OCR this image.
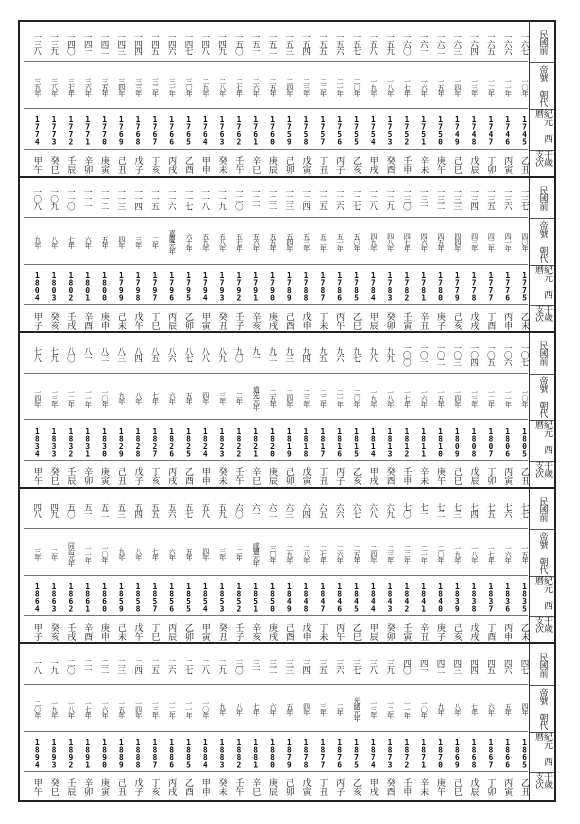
民國前
帝號 朝代
紀元 西曆
干歲 支次
一三八 一三九 一四〇 一四一 一四二 一四三 一四四 一四五 一四六 一四七 一四八 一四九 一五〇 一五一 一五二 一五三 一五四 一五五 一五六 一五七 一五八 一五九 一六〇 一六一 一六二 一六三 一六四 一六五 一六六 一六七
三九年	三八年	三七年	三六年	三五年	三四年	三三年	三二年	三一年	三〇年	二九年	二八年	二七年	二六年	二五年	二四年	二三年	二二年	二一年	二〇年	一九年	一八年	一七年	一六年	一五年	一四年	一三年	一二年	一一年	一〇年
1774 1773 1772 1771 1770 1769 1768 1767 1766 1765 1764 1763 1762 1761 1760 1759 1758 1757 1756 1755 1754 1753 1752 1751 1750 1749 1748 1747 1746 1745
甲午 癸巳 壬辰 辛卯 庚寅 己丑 戊子 丁亥 丙戌 乙酉 甲申 癸未 壬午 辛巳 庚辰 己卯 戊寅 丁丑 丙子 乙亥 甲戌 癸酉 壬申 辛未 庚午 己巳 戊辰 丁卯 丙寅 乙丑
民國前
帝號 朝代
紀元 西曆
干歲 支次
一〇八 一〇九 一一〇 一一一 一一二 一一三 一一四 一一五 一一六 一一七 一一八 一一九 一二〇 一二一 一二二 一二三 一二四 一二五 一二六 一二七 一二八 一二九 一三〇 一三一 一三二 一三三 一三四 一三五 一三六 一三七
九年	八年	七年	六年	五年	四年	三年	二年	嘉慶元年	六十年	五九年	五八年	五七年	五六年	五五年	五四年	五三年	五二年	五一年	五〇年	四九年	四八年	四七年	四六年	四五年	四四年	四三年	四二年	四一年	四〇年
1804 1803 1802 1801 1800 1799 1798 1797 1796 1795 1794 1793 1792 1791 1790 1789 1788 1787 1786 1785 1784 1783 1782 1781 1780 1779 1778 1777 1776 1775
甲子 癸亥 壬戌 辛酉 庚申 己未 戊午 丁巳 丙辰 乙卯 甲寅 癸丑 壬子 辛亥 庚戌 己酉 戊申 丁未 丙午 乙巳 甲辰 癸卯 壬寅 辛丑 庚子 己亥 戊戌 丁酉 丙申 乙未
民國前
帝號 朝代
紀元 西曆
干歲 支次
七八 七九 八〇 八一 八二 八三 八四 八五 八六 八七 八八 八九 九〇 九一 九二 九三 九四 九五 九六 九七 九八 九九 一〇〇 一〇一 一〇二 一〇三 一〇四 一〇五 一〇六 一〇七
一四年	一三年	一二年	一一年	一〇年	九年	八年	七年	六年	五年	四年	三年	二年	道光元年	二五年	二四年	二三年	二二年	二一年	二〇年	一九年	一八年	一七年	一六年	一五年	一四年	一三年	一二年	一一年	一〇年
1834 1833 1832 1831 1830 1829 1828 1827 1826 1825 1824 1823 1822 1821 1820 1819 1818 1817 1816 1815 1814 1813 1812 1811 1810 1809 1808 1807 1806 1805
甲午 癸巳 壬辰 辛卯 庚寅 己丑 戊子 丁亥 丙戌 乙酉 甲申 癸未 壬午 辛巳 庚辰 己卯 戊寅 丁丑 丙子 乙亥 甲戌 癸酉 壬申 辛未 庚午 己巳 戊辰 丁卯 丙寅 乙丑
民國前
帝號 朝代
紀元 西曆
干歲 支次
四八 四九 五〇 五一 五二 五三 五四 五五 五六 五七 五八 五九 六〇 六一 六二 六三 六四 六五 六六 六七 六八 六九 七〇 七一 七二 七三 七四 七五 七六 七七
三年	二年	同治元年	一一年	一〇年	九年	八年	七年	六年	五年	四年	三年	二年	咸豐元年	三〇年	二九年	二八年	二七年	二六年	二五年	二四年	二三年	二二年	二一年	二〇年	一九年	一八年	一七年	一六年	一五年
1864 1863 1862 1861 1860 1859 1858 1857 1856 1855 1854 1853 1852 1851 1850 1849 1848 1847 1846 1845 1844 1843 1842 1841 1840 1839 1838 1837 1836 1835
甲子 癸亥 壬戌 辛酉 庚申 己未 戊午 丁巳 丙辰 乙卯 甲寅 癸丑 壬子 辛亥 庚戌 己酉 戊申 丁未 丙午 乙巳 甲辰 癸卯 壬寅 辛丑 庚子 己亥 戊戌 丁酉 丙申 乙未
民國前
帝號 朝代
紀元 西曆
干歲 支次
一八 一九 二〇 二一 二二 二三 二四 二五 二六 二七 二八 二九 三〇 三一 三二 三三 三四 三五 三六 三七 三八 三九 四〇 四一 四二 四三 四四 四五 四六 四七
二〇年	一九年	一八年	一七年	一六年	一五年	一四年	一三年	一二年	一一年	一〇年	九年	八年	七年	六年	五年	四年	三年	二年	光緒元年	一三年	一二年	一一年	一〇年	九年	八年	七年	六年	五年	四年
1894 1893 1892 1891 1890 1889 1888 1887 1886 1885 1884 1883 1882 1881 1880 1879 1878 1877 1876 1875 1874 1873 1872 1871 1870 1869 1868 1867 1866 1865
甲午 癸巳 壬辰 辛卯 庚寅 己丑 戊子 丁亥 丙戌 乙酉 甲申 癸未 壬午 辛巳 庚辰 己卯 戊寅 丁丑 丙子 乙亥 甲戌 癸酉 壬申 辛未 庚午 己巳 戊辰 丁卯 丙寅 乙丑
